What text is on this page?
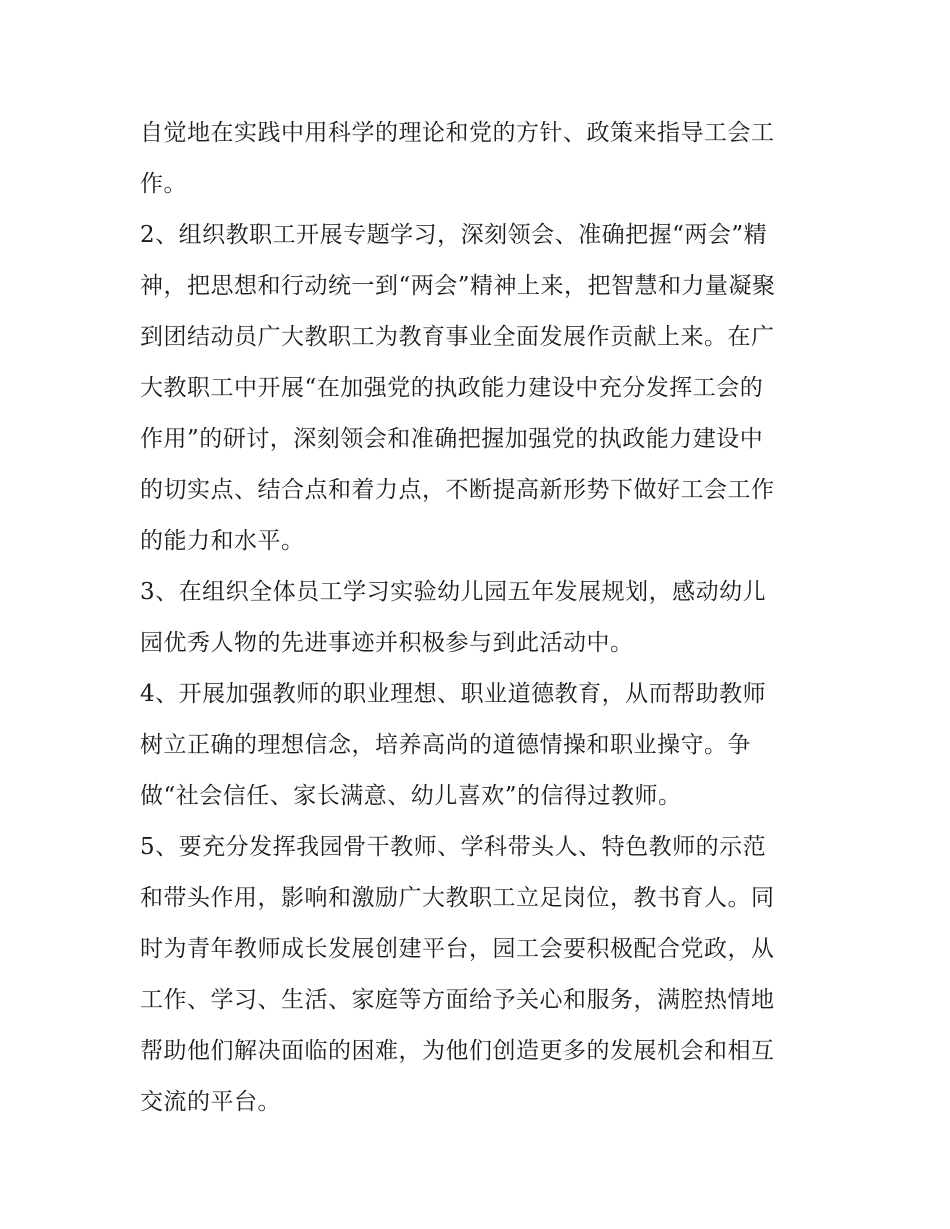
自觉地在实践中用科学的理论和党的方针、政策来指导工会工
作。
2、组织教职工开展专题学习，深刻领会、准确把握“两会”精
神，把思想和行动统一到“两会”精神上来，把智慧和力量凝聚
到团结动员广大教职工为教育事业全面发展作贡献上来。在广
大教职工中开展“在加强党的执政能力建设中充分发挥工会的
作用”的研讨，深刻领会和准确把握加强党的执政能力建设中
的切实点、结合点和着力点，不断提高新形势下做好工会工作
的能力和水平。
3、在组织全体员工学习实验幼儿园五年发展规划，感动幼儿
园优秀人物的先进事迹并积极参与到此活动中。
4、开展加强教师的职业理想、职业道德教育，从而帮助教师
树立正确的理想信念，培养高尚的道德情操和职业操守。争
做“社会信任、家长满意、幼儿喜欢”的信得过教师。
5、要充分发挥我园骨干教师、学科带头人、特色教师的示范
和带头作用，影响和激励广大教职工立足岗位，教书育人。同
时为青年教师成长发展创建平台，园工会要积极配合党政，从
工作、学习、生活、家庭等方面给予关心和服务，满腔热情地
帮助他们解决面临的困难，为他们创造更多的发展机会和相互
交流的平台。
